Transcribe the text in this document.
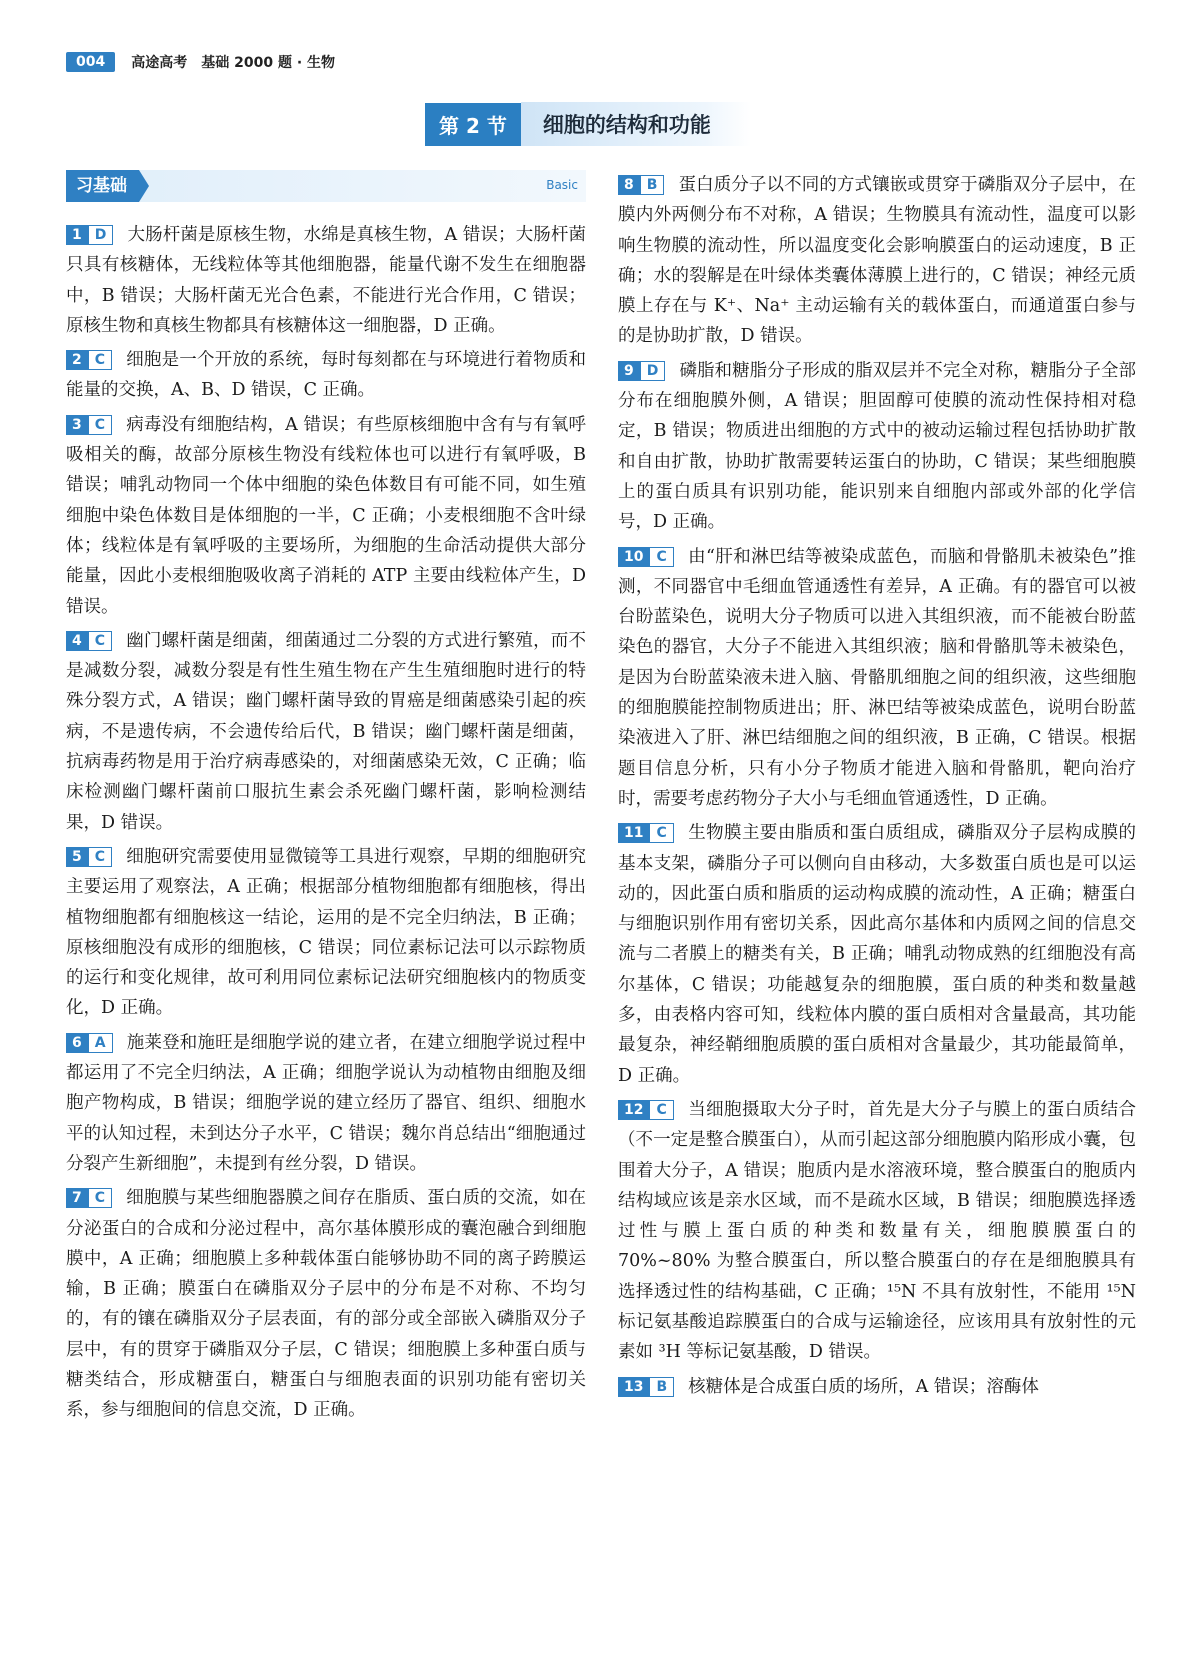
004	高途高考　基础 2000 题 · 生物
第 2 节	细胞的结构和功能
习基础	Basic
1 D	大肠杆菌是原核生物，水绵是真核生物，A 错误；大肠杆菌只具有核糖体，无线粒体等其他细胞器，能量代谢不发生在细胞器中，B 错误；大肠杆菌无光合色素，不能进行光合作用，C 错误；原核生物和真核生物都具有核糖体这一细胞器，D 正确。
2 C	细胞是一个开放的系统，每时每刻都在与环境进行着物质和能量的交换，A、B、D 错误，C 正确。
3 C	病毒没有细胞结构，A 错误；有些原核细胞中含有与有氧呼吸相关的酶，故部分原核生物没有线粒体也可以进行有氧呼吸，B 错误；哺乳动物同一个体中细胞的染色体数目有可能不同，如生殖细胞中染色体数目是体细胞的一半，C 正确；小麦根细胞不含叶绿体；线粒体是有氧呼吸的主要场所，为细胞的生命活动提供大部分能量，因此小麦根细胞吸收离子消耗的 ATP 主要由线粒体产生，D 错误。
4 C	幽门螺杆菌是细菌，细菌通过二分裂的方式进行繁殖，而不是减数分裂，减数分裂是有性生殖生物在产生生殖细胞时进行的特殊分裂方式，A 错误；幽门螺杆菌导致的胃癌是细菌感染引起的疾病，不是遗传病，不会遗传给后代，B 错误；幽门螺杆菌是细菌，抗病毒药物是用于治疗病毒感染的，对细菌感染无效，C 正确；临床检测幽门螺杆菌前口服抗生素会杀死幽门螺杆菌，影响检测结果，D 错误。
5 C	细胞研究需要使用显微镜等工具进行观察，早期的细胞研究主要运用了观察法，A 正确；根据部分植物细胞都有细胞核，得出植物细胞都有细胞核这一结论，运用的是不完全归纳法，B 正确；原核细胞没有成形的细胞核，C 错误；同位素标记法可以示踪物质的运行和变化规律，故可利用同位素标记法研究细胞核内的物质变化，D 正确。
6 A	施莱登和施旺是细胞学说的建立者，在建立细胞学说过程中都运用了不完全归纳法，A 正确；细胞学说认为动植物由细胞及细胞产物构成，B 错误；细胞学说的建立经历了器官、组织、细胞水平的认知过程，未到达分子水平，C 错误；魏尔肖总结出“细胞通过分裂产生新细胞”，未提到有丝分裂，D 错误。
7 C	细胞膜与某些细胞器膜之间存在脂质、蛋白质的交流，如在分泌蛋白的合成和分泌过程中，高尔基体膜形成的囊泡融合到细胞膜中，A 正确；细胞膜上多种载体蛋白能够协助不同的离子跨膜运输，B 正确；膜蛋白在磷脂双分子层中的分布是不对称、不均匀的，有的镶在磷脂双分子层表面，有的部分或全部嵌入磷脂双分子层中，有的贯穿于磷脂双分子层，C 错误；细胞膜上多种蛋白质与糖类结合，形成糖蛋白，糖蛋白与细胞表面的识别功能有密切关系，参与细胞间的信息交流，D 正确。
8 B	蛋白质分子以不同的方式镶嵌或贯穿于磷脂双分子层中，在膜内外两侧分布不对称，A 错误；生物膜具有流动性，温度可以影响生物膜的流动性，所以温度变化会影响膜蛋白的运动速度，B 正确；水的裂解是在叶绿体类囊体薄膜上进行的，C 错误；神经元质膜上存在与 K⁺、Na⁺ 主动运输有关的载体蛋白，而通道蛋白参与的是协助扩散，D 错误。
9 D	磷脂和糖脂分子形成的脂双层并不完全对称，糖脂分子全部分布在细胞膜外侧，A 错误；胆固醇可使膜的流动性保持相对稳定，B 错误；物质进出细胞的方式中的被动运输过程包括协助扩散和自由扩散，协助扩散需要转运蛋白的协助，C 错误；某些细胞膜上的蛋白质具有识别功能，能识别来自细胞内部或外部的化学信号，D 正确。
10 C	由“肝和淋巴结等被染成蓝色，而脑和骨骼肌未被染色”推测，不同器官中毛细血管通透性有差异，A 正确。有的器官可以被台盼蓝染色，说明大分子物质可以进入其组织液，而不能被台盼蓝染色的器官，大分子不能进入其组织液；脑和骨骼肌等未被染色，是因为台盼蓝染液未进入脑、骨骼肌细胞之间的组织液，这些细胞的细胞膜能控制物质进出；肝、淋巴结等被染成蓝色，说明台盼蓝染液进入了肝、淋巴结细胞之间的组织液，B 正确，C 错误。根据题目信息分析，只有小分子物质才能进入脑和骨骼肌，靶向治疗时，需要考虑药物分子大小与毛细血管通透性，D 正确。
11 C	生物膜主要由脂质和蛋白质组成，磷脂双分子层构成膜的基本支架，磷脂分子可以侧向自由移动，大多数蛋白质也是可以运动的，因此蛋白质和脂质的运动构成膜的流动性，A 正确；糖蛋白与细胞识别作用有密切关系，因此高尔基体和内质网之间的信息交流与二者膜上的糖类有关，B 正确；哺乳动物成熟的红细胞没有高尔基体，C 错误；功能越复杂的细胞膜，蛋白质的种类和数量越多，由表格内容可知，线粒体内膜的蛋白质相对含量最高，其功能最复杂，神经鞘细胞质膜的蛋白质相对含量最少，其功能最简单，D 正确。
12 C	当细胞摄取大分子时，首先是大分子与膜上的蛋白质结合（不一定是整合膜蛋白），从而引起这部分细胞膜内陷形成小囊，包围着大分子，A 错误；胞质内是水溶液环境，整合膜蛋白的胞质内结构域应该是亲水区域，而不是疏水区域，B 错误；细胞膜选择透过性与膜上蛋白质的种类和数量有关，细胞膜膜蛋白的 70%~80% 为整合膜蛋白，所以整合膜蛋白的存在是细胞膜具有选择透过性的结构基础，C 正确；¹⁵N 不具有放射性，不能用 ¹⁵N 标记氨基酸追踪膜蛋白的合成与运输途径，应该用具有放射性的元素如 ³H 等标记氨基酸，D 错误。
13 B	核糖体是合成蛋白质的场所，A 错误；溶酶体
